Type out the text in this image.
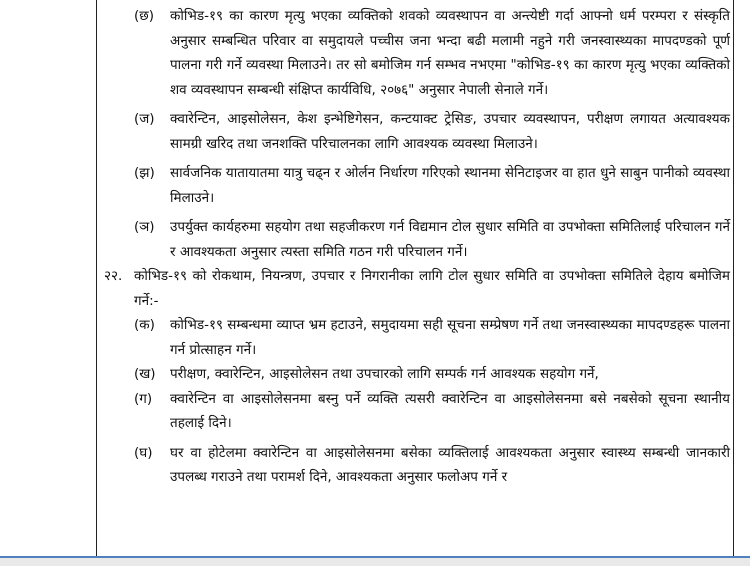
(छ)	कोभिड-१९ का कारण मृत्यु भएका व्यक्तिको शवको व्यवस्थापन वा अन्त्येष्टी गर्दा आफ्नो धर्म परम्परा र संस्कृति अनुसार सम्बन्धित परिवार वा समुदायले पच्चीस जना भन्दा बढी मलामी नहुने गरी जनस्वास्थ्यका मापदण्डको पूर्ण पालना गरी गर्ने व्यवस्था मिलाउने। तर सो बमोजिम गर्न सम्भव नभएमा "कोभिड-१९ का कारण मृत्यु भएका व्यक्तिको शव व्यवस्थापन सम्बन्धी संक्षिप्त कार्यविधि, २०७६" अनुसार नेपाली सेनाले गर्ने।
(ज)	क्वारेन्टिन, आइसोलेसन, केश इन्भेष्टिगेसन, कन्टयाक्ट ट्रेसिङ, उपचार व्यवस्थापन, परीक्षण लगायत अत्यावश्यक सामग्री खरिद तथा जनशक्ति परिचालनका लागि आवश्यक व्यवस्था मिलाउने।
(झ)	सार्वजनिक यातायातमा यात्रु चढ्न र ओर्लन निर्धारण गरिएको स्थानमा सेनिटाइजर वा हात धुने साबुन पानीको व्यवस्था मिलाउने।
(ञ)	उपर्युक्त कार्यहरुमा सहयोग तथा सहजीकरण गर्न विद्यमान टोल सुधार समिति वा उपभोक्ता समितिलाई परिचालन गर्ने र आवश्यकता अनुसार त्यस्ता समिति गठन गरी परिचालन गर्ने।
२२. कोभिड-१९ को रोकथाम, नियन्त्रण, उपचार र निगरानीका लागि टोल सुधार समिति वा उपभोक्ता समितिले देहाय बमोजिम गर्ने:-
(क)	कोभिड-१९ सम्बन्धमा व्याप्त भ्रम हटाउने, समुदायमा सही सूचना सम्प्रेषण गर्ने तथा जनस्वास्थ्यका मापदण्डहरू पालना गर्न प्रोत्साहन गर्ने।
(ख)	परीक्षण, क्वारेन्टिन, आइसोलेसन तथा उपचारको लागि सम्पर्क गर्न आवश्यक सहयोग गर्ने,
(ग)	क्वारेन्टिन वा आइसोलेसनमा बस्नु पर्ने व्यक्ति त्यसरी क्वारेन्टिन वा आइसोलेसनमा बसे नबसेको सूचना स्थानीय तहलाई दिने।
(घ)	घर वा होटेलमा क्वारेन्टिन वा आइसोलेसनमा बसेका व्यक्तिलाई आवश्यकता अनुसार स्वास्थ्य सम्बन्धी जानकारी उपलब्ध गराउने तथा परामर्श दिने, आवश्यकता अनुसार फलोअप गर्ने र
